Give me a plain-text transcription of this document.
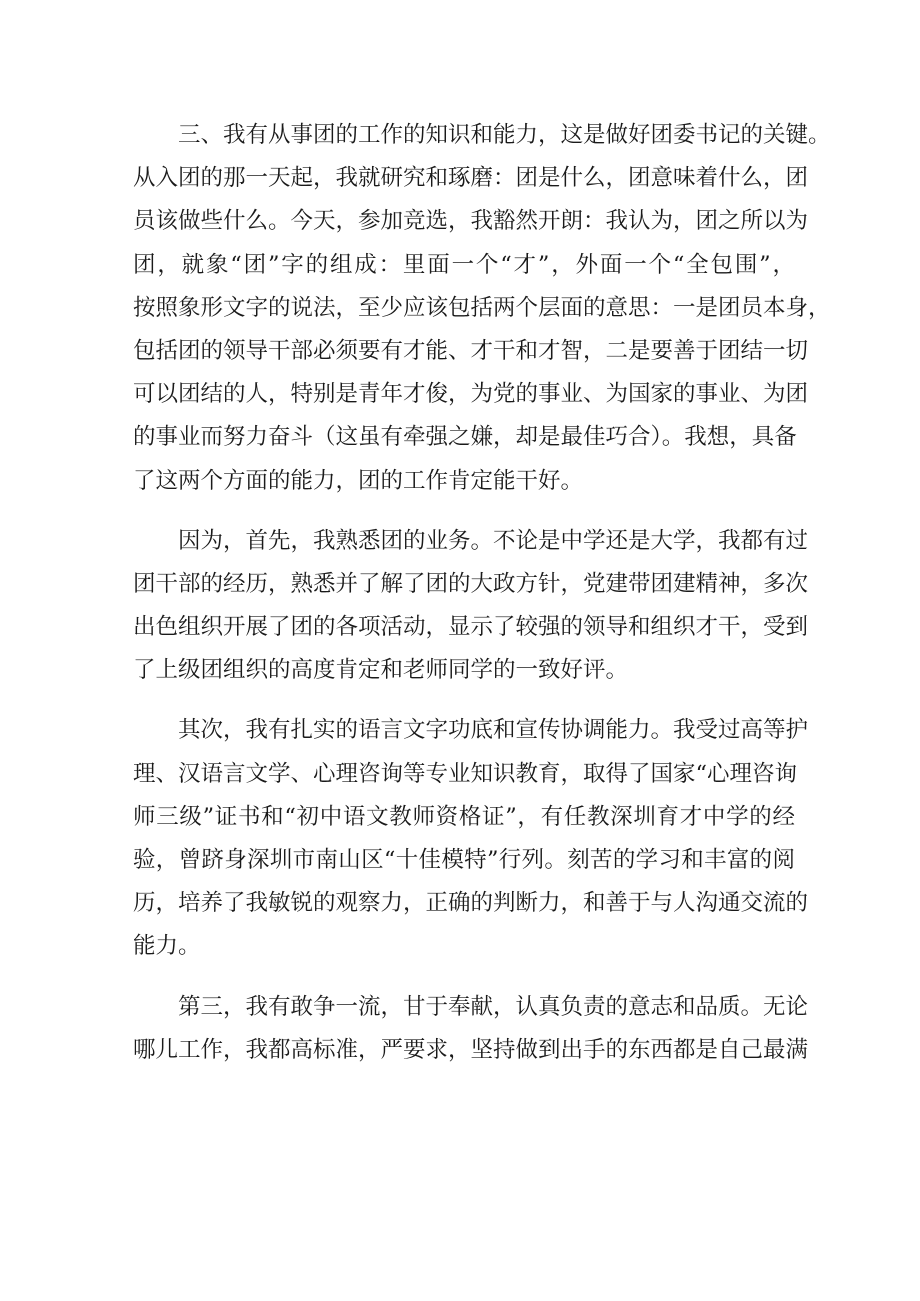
三、我有从事团的工作的知识和能力，这是做好团委书记的关键。
从入团的那一天起，我就研究和琢磨：团是什么，团意味着什么，团
员该做些什么。今天，参加竞选，我豁然开朗：我认为，团之所以为
团，就象“团”字的组成：里面一个“才”，外面一个“全包围”，
按照象形文字的说法，至少应该包括两个层面的意思：一是团员本身，
包括团的领导干部必须要有才能、才干和才智，二是要善于团结一切
可以团结的人，特别是青年才俊，为党的事业、为国家的事业、为团
的事业而努力奋斗（这虽有牵强之嫌，却是最佳巧合）。我想，具备
了这两个方面的能力，团的工作肯定能干好。

因为，首先，我熟悉团的业务。不论是中学还是大学，我都有过
团干部的经历，熟悉并了解了团的大政方针，党建带团建精神，多次
出色组织开展了团的各项活动，显示了较强的领导和组织才干，受到
了上级团组织的高度肯定和老师同学的一致好评。

其次，我有扎实的语言文字功底和宣传协调能力。我受过高等护
理、汉语言文学、心理咨询等专业知识教育，取得了国家“心理咨询
师三级”证书和“初中语文教师资格证”，有任教深圳育才中学的经
验，曾跻身深圳市南山区“十佳模特”行列。刻苦的学习和丰富的阅
历，培养了我敏锐的观察力，正确的判断力，和善于与人沟通交流的
能力。

第三，我有敢争一流，甘于奉献，认真负责的意志和品质。无论
哪儿工作，我都高标准，严要求，坚持做到出手的东西都是自己最满
